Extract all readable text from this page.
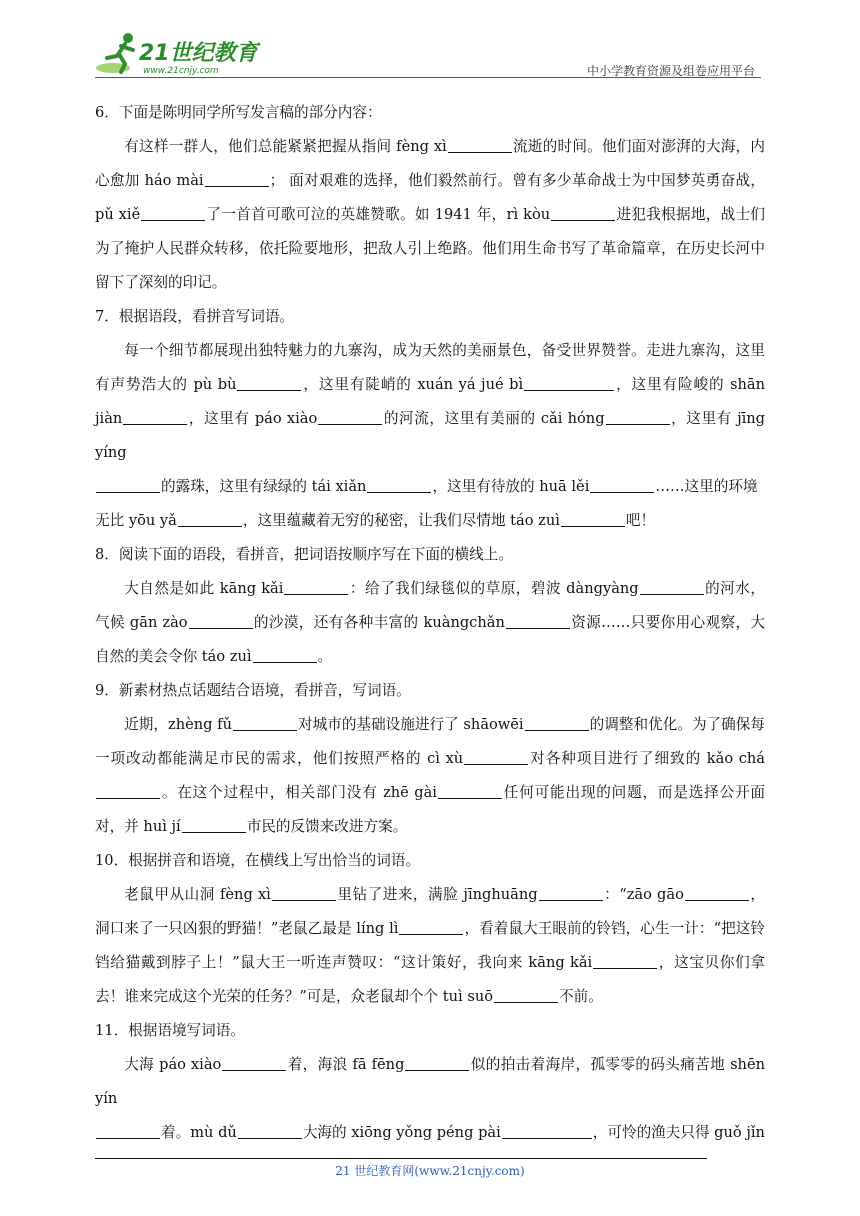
21世纪教育
www.21cnjy.com	中小学教育资源及组卷应用平台

6．下面是陈明同学所写发言稿的部分内容：

有这样一群人，他们总能紧紧把握从指间 fèng xì	流逝的时间。他们面对澎湃的大海，内心愈加 háo mài	； 面对艰难的选择，他们毅然前行。曾有多少革命战士为中国梦英勇奋战，pǔ xiě	了一首首可歌可泣的英雄赞歌。如 1941 年，rì kòu	进犯我根据地，战士们为了掩护人民群众转移，依托险要地形，把敌人引上绝路。他们用生命书写了革命篇章，在历史长河中留下了深刻的印记。

7．根据语段，看拼音写词语。

每一个细节都展现出独特魅力的九寨沟，成为天然的美丽景色，备受世界赞誉。走进九寨沟，这里有声势浩大的 pù bù	，这里有陡峭的 xuán yá jué bì	，这里有险峻的 shān jiàn	，这里有 páo xiào	的河流，这里有美丽的 cǎi hóng	，这里有 jīng yíng

的露珠，这里有绿绿的 tái xiǎn	，这里有待放的 huā lěi	……这里的环境无比 yōu yǎ	，这里蕴藏着无穷的秘密，让我们尽情地 táo zuì	吧！

8．阅读下面的语段，看拼音，把词语按顺序写在下面的横线上。

大自然是如此 kāng kǎi	：给了我们绿毯似的草原，碧波 dàngyàng	的河水，气候 gān zào	的沙漠，还有各种丰富的 kuàngchǎn	资源……只要你用心观察，大自然的美会令你 táo zuì	。

9．新素材热点话题结合语境，看拼音，写词语。

近期，zhèng fǔ	对城市的基础设施进行了 shāowēi	的调整和优化。为了确保每一项改动都能满足市民的需求，他们按照严格的 cì xù	对各种项目进行了细致的 kǎo chá。在这个过程中，相关部门没有 zhē gài	任何可能出现的问题，而是选择公开面对，并 huì jí	市民的反馈来改进方案。

10．根据拼音和语境，在横线上写出恰当的词语。

老鼠甲从山洞 fèng xì	里钻了进来，满脸 jīnghuāng	：“zāo gāo	，洞口来了一只凶狠的野猫！”老鼠乙最是 líng lì	，看着鼠大王眼前的铃铛，心生一计：“把这铃铛给猫戴到脖子上！”鼠大王一听连声赞叹：“这计策好，我向来 kāng kǎi	，这宝贝你们拿去！谁来完成这个光荣的任务？”可是，众老鼠却个个 tuì suō	不前。

11．根据语境写词语。

大海 páo xiào	着，海浪 fā fēng	似的拍击着海岸，孤零零的码头痛苦地 shēn yín

着。mù dǔ	大海的 xiōng yǒng péng pài	，可怜的渔夫只得 guǒ jǐn

21 世纪教育网(www.21cnjy.com)
